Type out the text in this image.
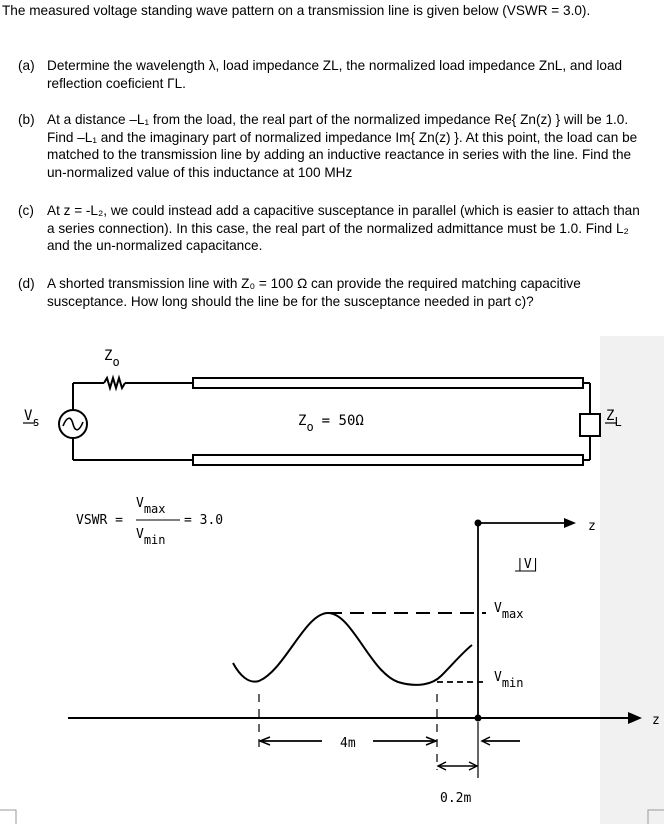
The measured voltage standing wave pattern on a transmission line is given below (VSWR = 3.0).
(a) Determine the wavelength λ, load impedance ZL, the normalized load impedance ZnL, and load reflection coeficient ΓL.
(b) At a distance –L₁ from the load, the real part of the normalized impedance Re{ Zn(z) } will be 1.0. Find –L₁ and the imaginary part of normalized impedance Im{ Zn(z) }. At this point, the load can be matched to the transmission line by adding an inductive reactance in series with the line. Find the un-normalized value of this inductance at 100 MHz
(c) At z = -L₂, we could instead add a capacitive susceptance in parallel (which is easier to attach than a series connection). In this case, the real part of the normalized admittance must be 1.0. Find L₂ and the un-normalized capacitance.
(d) A shorted transmission line with Z₀ = 100 Ω can provide the required matching capacitive susceptance. How long should the line be for the susceptance needed in part c)?
Zo
Vs	Zo = 50Ω	ZL
VSWR =
Vmax
Vmin
= 3.0	z
|V|
Vmax
Vmin
z
4m
0.2m
